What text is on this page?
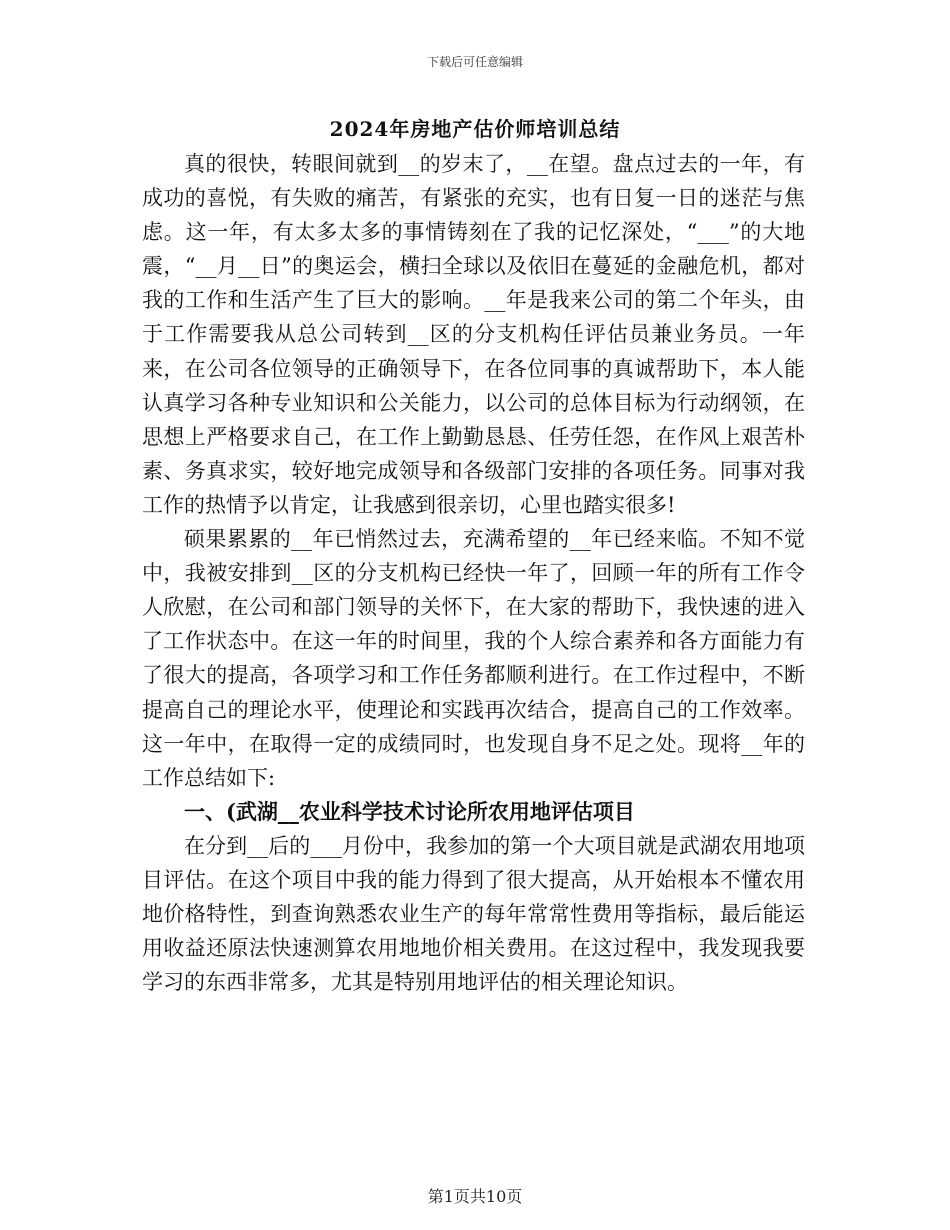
下载后可任意编辑
2024年房地产估价师培训总结

真的很快，转眼间就到__的岁末了，__在望。盘点过去的一年，有成功的喜悦，有失败的痛苦，有紧张的充实，也有日复一日的迷茫与焦虑。这一年，有太多太多的事情铸刻在了我的记忆深处，“___”的大地震，“__月__日”的奥运会，横扫全球以及依旧在蔓延的金融危机，都对我的工作和生活产生了巨大的影响。__年是我来公司的第二个年头，由于工作需要我从总公司转到__区的分支机构任评估员兼业务员。一年来，在公司各位领导的正确领导下，在各位同事的真诚帮助下，本人能认真学习各种专业知识和公关能力，以公司的总体目标为行动纲领，在思想上严格要求自己，在工作上勤勤恳恳、任劳任怨，在作风上艰苦朴素、务真求实，较好地完成领导和各级部门安排的各项任务。同事对我工作的热情予以肯定，让我感到很亲切，心里也踏实很多!

硕果累累的__年已悄然过去，充满希望的__年已经来临。不知不觉中，我被安排到__区的分支机构已经快一年了，回顾一年的所有工作令人欣慰，在公司和部门领导的关怀下，在大家的帮助下，我快速的进入了工作状态中。在这一年的时间里，我的个人综合素养和各方面能力有了很大的提高，各项学习和工作任务都顺利进行。在工作过程中，不断提高自己的理论水平，使理论和实践再次结合，提高自己的工作效率。这一年中，在取得一定的成绩同时，也发现自身不足之处。现将__年的工作总结如下:

一、(武湖__农业科学技术讨论所农用地评估项目

在分到__后的___月份中，我参加的第一个大项目就是武湖农用地项目评估。在这个项目中我的能力得到了很大提高，从开始根本不懂农用地价格特性，到查询熟悉农业生产的每年常常性费用等指标，最后能运用收益还原法快速测算农用地地价相关费用。在这过程中，我发现我要学习的东西非常多，尤其是特别用地评估的相关理论知识。

第1页共10页
